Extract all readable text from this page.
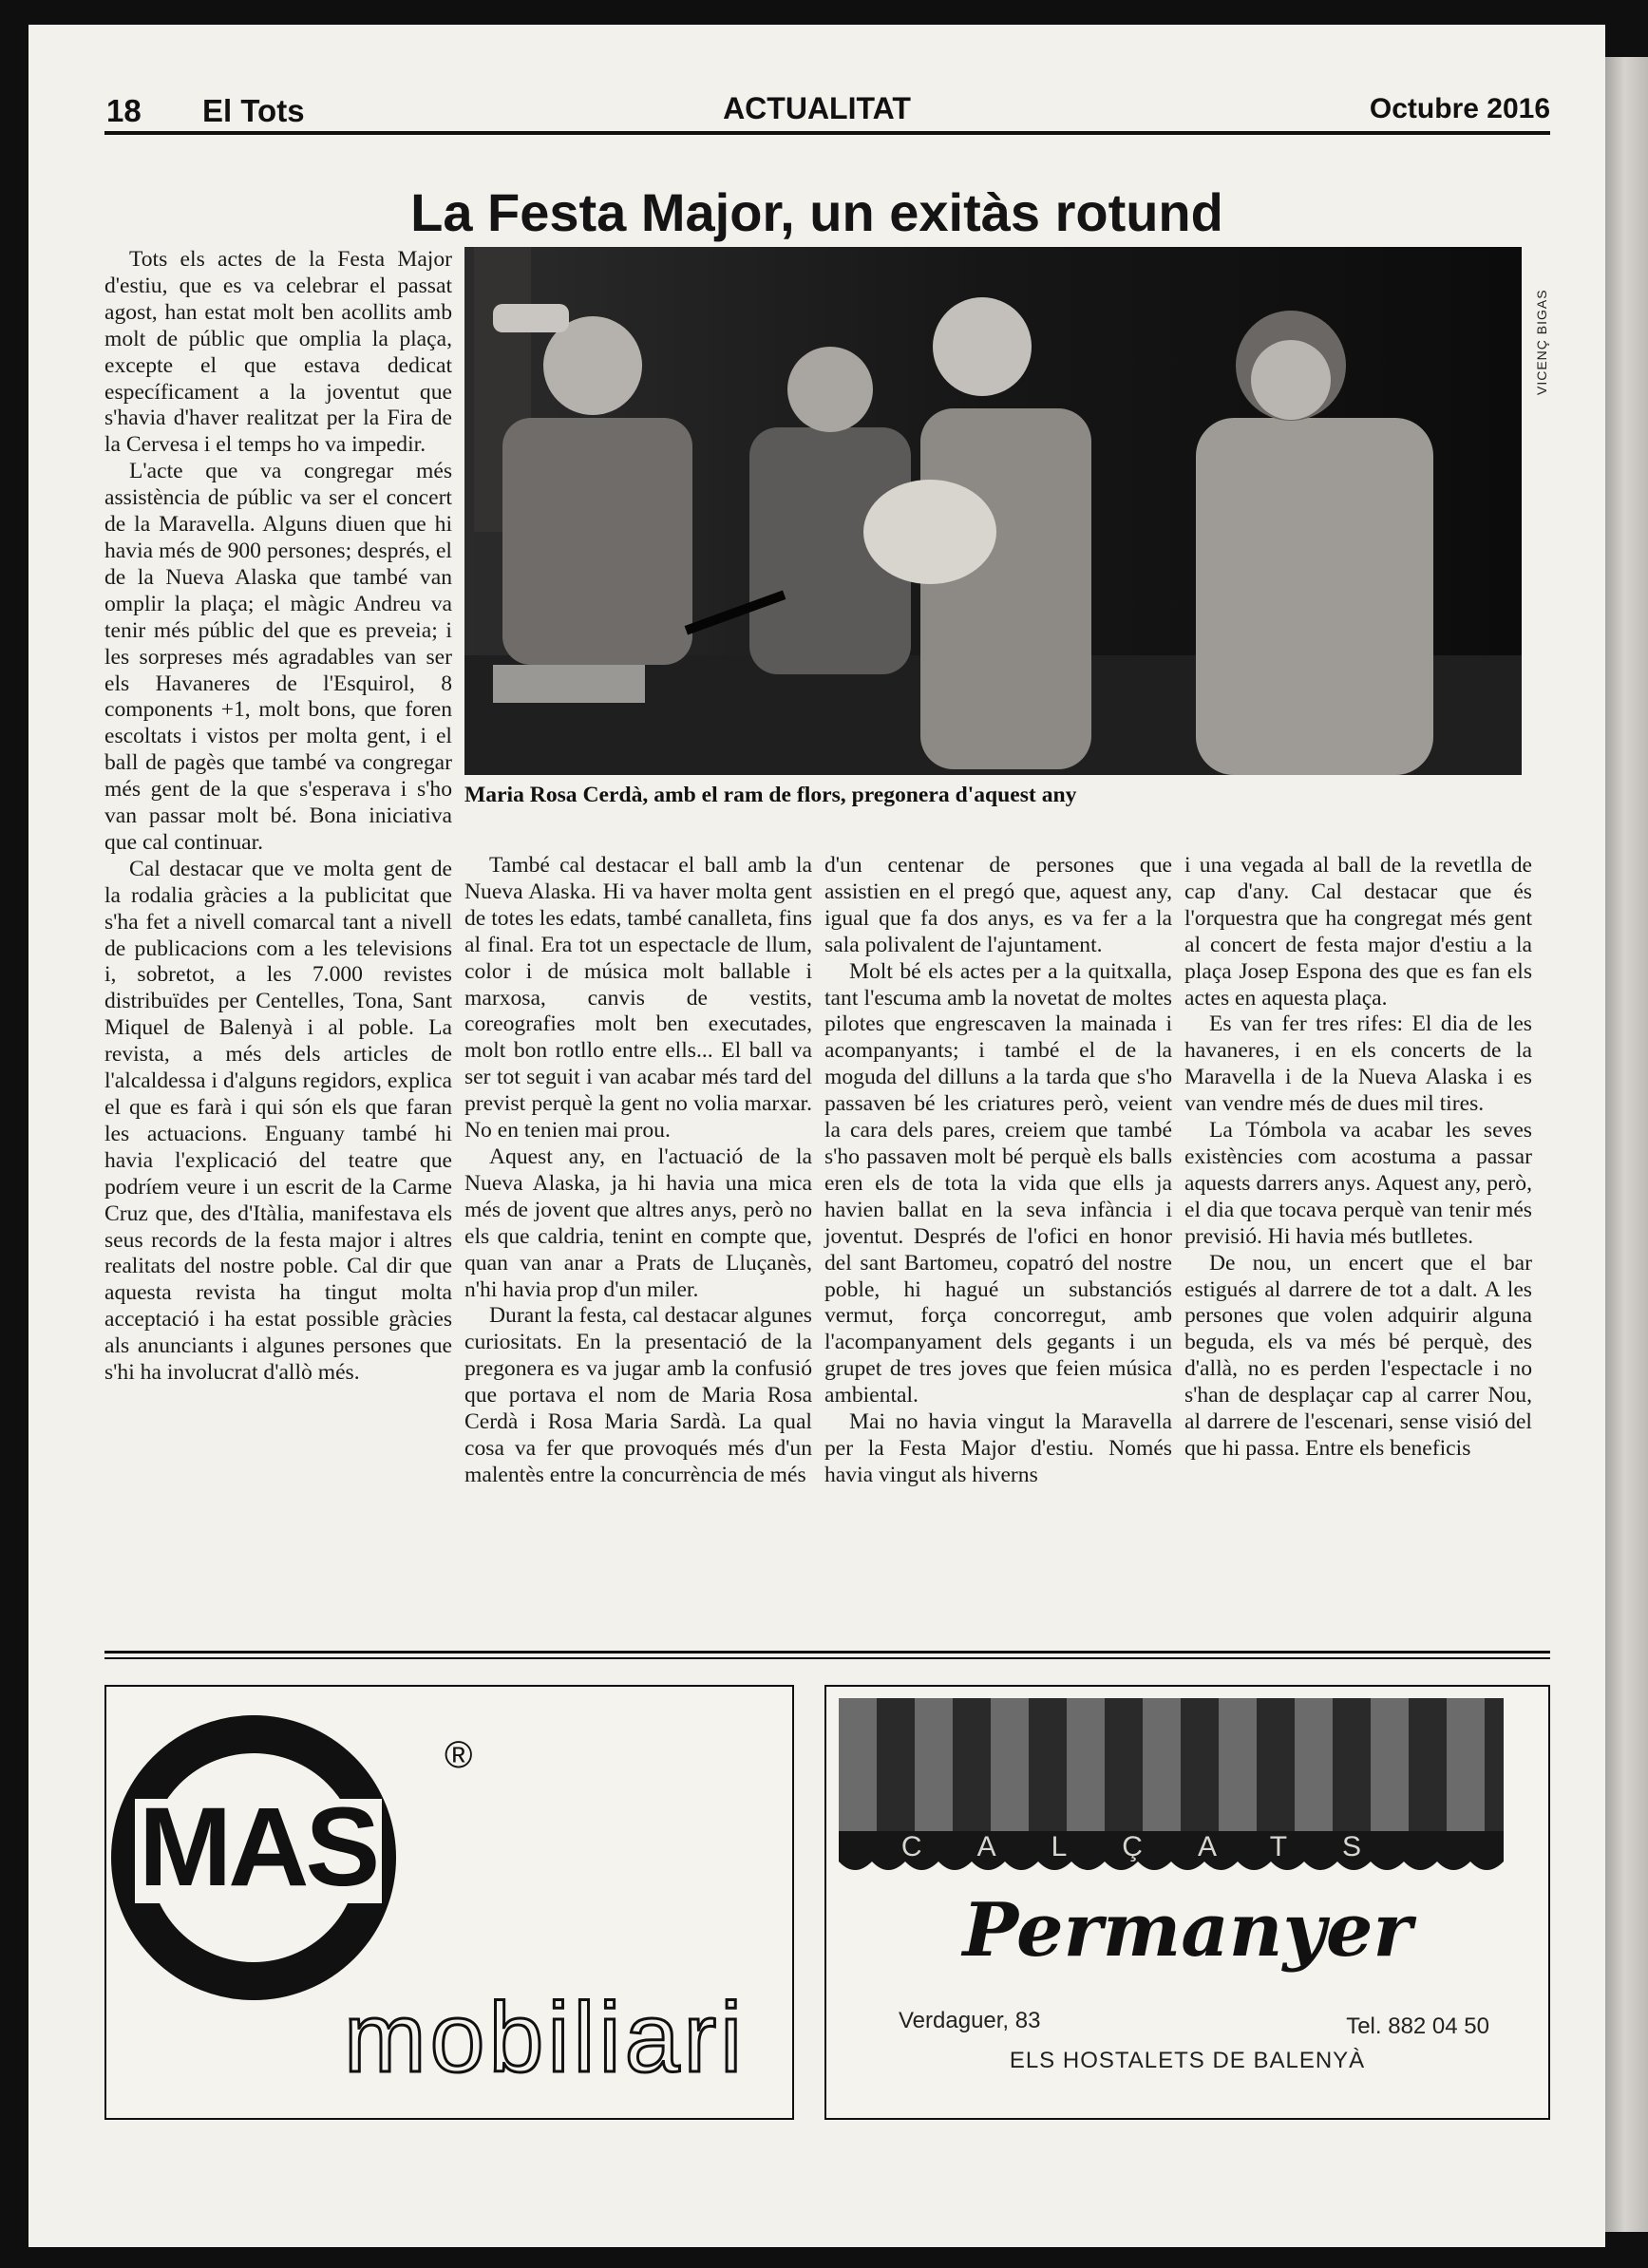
18 El Tots	ACTUALITAT	Octubre 2016
La Festa Major, un exitàs rotund

Tots els actes de la Festa Major d'estiu, que es va celebrar el passat agost, han estat molt ben acollits amb molt de públic que omplia la plaça, excepte el que estava dedicat específicament a la joventut que s'havia d'haver realitzat per la Fira de la Cervesa i el temps ho va impedir.

L'acte que va congregar més assistència de públic va ser el concert de la Maravella. Alguns diuen que hi havia més de 900 persones; després, el de la Nueva Alaska que també van omplir la plaça; el màgic Andreu va tenir més públic del que es preveia; i les sorpreses més agradables van ser els Havaneres de l'Esquirol, 8 components +1, molt bons, que foren escoltats i vistos per molta gent, i el ball de pagès que també va congregar més gent de la que s'esperava i s'ho van passar molt bé. Bona iniciativa que cal continuar.

Cal destacar que ve molta gent de la rodalia gràcies a la publicitat que s'ha fet a nivell comarcal tant a nivell de publicacions com a les televisions i, sobretot, a les 7.000 revistes distribuïdes per Centelles, Tona, Sant Miquel de Balenyà i al poble. La revista, a més dels articles de l'alcaldessa i d'alguns regidors, explica el que es farà i qui són els que faran les actuacions. Enguany també hi havia l'explicació del teatre que podríem veure i un escrit de la Carme Cruz que, des d'Itàlia, manifestava els seus records de la festa major i altres realitats del nostre poble. Cal dir que aquesta revista ha tingut molta acceptació i ha estat possible gràcies als anunciants i algunes persones que s'hi ha involucrat d'allò més.

VICENÇ BIGAS

Maria Rosa Cerdà, amb el ram de flors, pregonera d'aquest any

També cal destacar el ball amb la Nueva Alaska. Hi va haver molta gent de totes les edats, també canalleta, fins al final. Era tot un espectacle de llum, color i de música molt ballable i marxosa, canvis de vestits, coreografies molt ben executades, molt bon rotllo entre ells... El ball va ser tot seguit i van acabar més tard del previst perquè la gent no volia marxar. No en tenien mai prou.

Aquest any, en l'actuació de la Nueva Alaska, ja hi havia una mica més de jovent que altres anys, però no els que caldria, tenint en compte que, quan van anar a Prats de Lluçanès, n'hi havia prop d'un miler.

Durant la festa, cal destacar algunes curiositats. En la presentació de la pregonera es va jugar amb la confusió que portava el nom de Maria Rosa Cerdà i Rosa Maria Sardà. La qual cosa va fer que provoqués més d'un malentès entre la concurrència de més

d'un centenar de persones que assistien en el pregó que, aquest any, igual que fa dos anys, es va fer a la sala polivalent de l'ajuntament.

Molt bé els actes per a la quitxalla, tant l'escuma amb la novetat de moltes pilotes que engrescaven la mainada i acompanyants; i també el de la moguda del dilluns a la tarda que s'ho passaven bé les criatures però, veient la cara dels pares, creiem que també s'ho passaven molt bé perquè els balls eren els de tota la vida que ells ja havien ballat en la seva infància i joventut. Després de l'ofici en honor del sant Bartomeu, copatró del nostre poble, hi hagué un substanciós vermut, força concorregut, amb l'acompanyament dels gegants i un grupet de tres joves que feien música ambiental.

Mai no havia vingut la Maravella per la Festa Major d'estiu. Només havia vingut als hiverns

i una vegada al ball de la revetlla de cap d'any. Cal destacar que és l'orquestra que ha congregat més gent al concert de festa major d'estiu a la plaça Josep Espona des que es fan els actes en aquesta plaça.

Es van fer tres rifes: El dia de les havaneres, i en els concerts de la Maravella i de la Nueva Alaska i es van vendre més de dues mil tires.

La Tómbola va acabar les seves existències com acostuma a passar aquests darrers anys. Aquest any, però, el dia que tocava perquè van tenir més previsió. Hi havia més butlletes.

De nou, un encert que el bar estigués al darrere de tot a dalt. A les persones que volen adquirir alguna beguda, els va més bé perquè, des d'allà, no es perden l'espectacle i no s'han de desplaçar cap al carrer Nou, al darrere de l'escenari, sense visió del que hi passa. Entre els beneficis

MAS
®
mobiliari
CALÇATS
Permanyer
Verdaguer, 83	Tel. 882 04 50
ELS HOSTALETS DE BALENYÀ
